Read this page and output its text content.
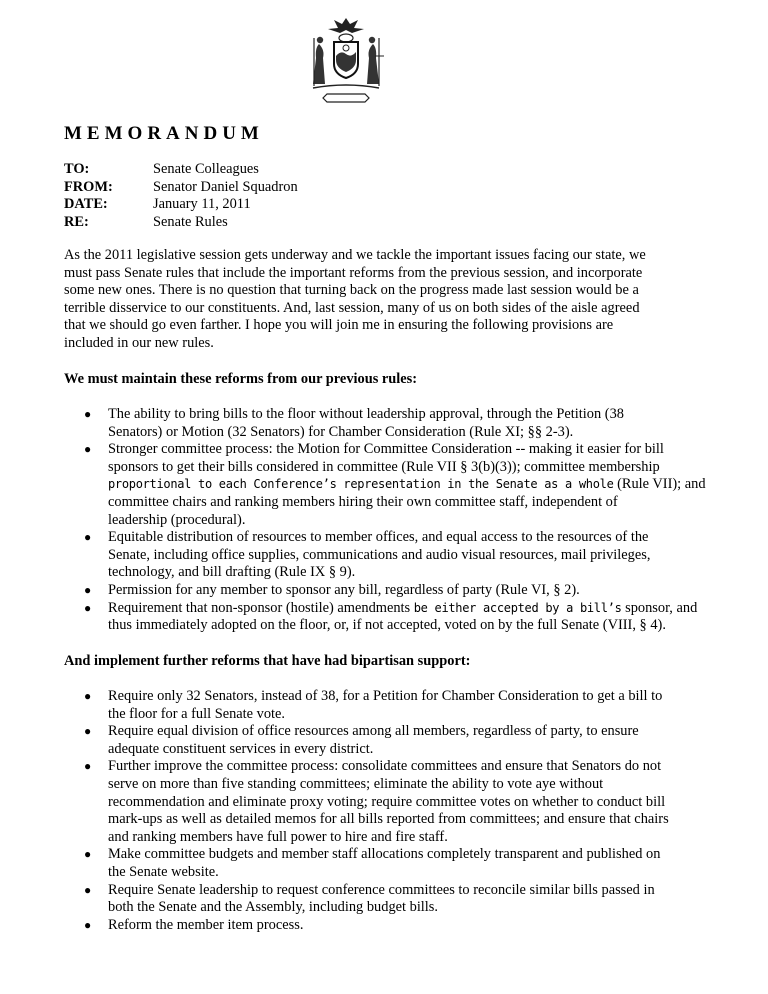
MEMORANDUM
TO:	Senate Colleagues
FROM:	Senator Daniel Squadron
DATE:	January 11, 2011
RE:	Senate Rules
As the 2011 legislative session gets underway and we tackle the important issues facing our state, we
must pass Senate rules that include the important reforms from the previous session, and incorporate
some new ones. There is no question that turning back on the progress made last session would be a
terrible disservice to our constituents. And, last session, many of us on both sides of the aisle agreed
that we should go even farther. I hope you will join me in ensuring the following provisions are
included in our new rules.
We must maintain these reforms from our previous rules:
●	The ability to bring bills to the floor without leadership approval, through the Petition (38
Senators) or Motion (32 Senators) for Chamber Consideration (Rule XI; §§ 2-3).
●	Stronger committee process: the Motion for Committee Consideration -- making it easier for bill
sponsors to get their bills considered in committee (Rule VII § 3(b)(3)); committee membership
proportional to each Conference’s representation in the Senate as a whole (Rule VII); and
committee chairs and ranking members hiring their own committee staff, independent of
leadership (procedural).
●	Equitable distribution of resources to member offices, and equal access to the resources of the
Senate, including office supplies, communications and audio visual resources, mail privileges,
technology, and bill drafting (Rule IX § 9).
●	Permission for any member to sponsor any bill, regardless of party (Rule VI, § 2).
●	Requirement that non-sponsor (hostile) amendments be either accepted by a bill’s sponsor, and
thus immediately adopted on the floor, or, if not accepted, voted on by the full Senate (VIII, § 4).
And implement further reforms that have had bipartisan support:
●	Require only 32 Senators, instead of 38, for a Petition for Chamber Consideration to get a bill to
the floor for a full Senate vote.
●	Require equal division of office resources among all members, regardless of party, to ensure
adequate constituent services in every district.
●	Further improve the committee process: consolidate committees and ensure that Senators do not
serve on more than five standing committees; eliminate the ability to vote aye without
recommendation and eliminate proxy voting; require committee votes on whether to conduct bill
mark-ups as well as detailed memos for all bills reported from committees; and ensure that chairs
and ranking members have full power to hire and fire staff.
●	Make committee budgets and member staff allocations completely transparent and published on
the Senate website.
●	Require Senate leadership to request conference committees to reconcile similar bills passed in
both the Senate and the Assembly, including budget bills.
●	Reform the member item process.
